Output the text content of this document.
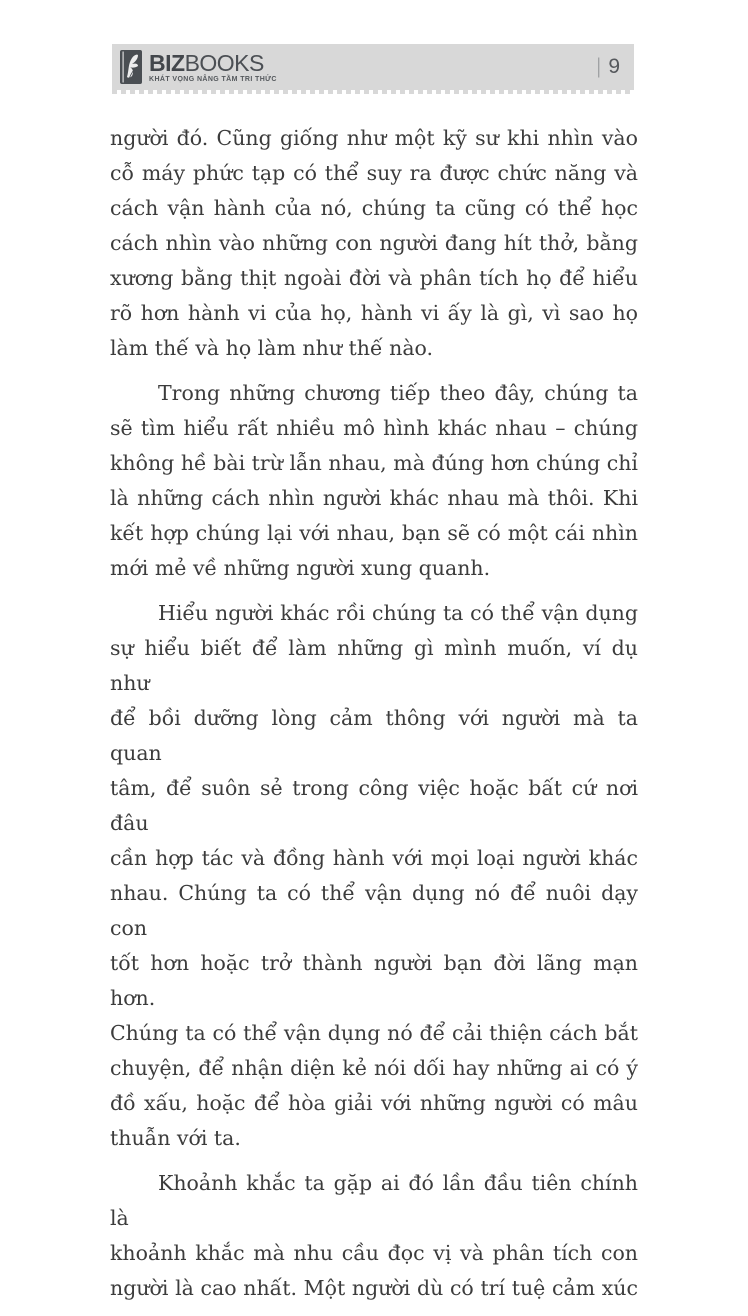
BIZBOOKS
KHÁT VỌNG NÂNG TẦM TRI THỨC
| 9

người đó. Cũng giống như một kỹ sư khi nhìn vào
cỗ máy phức tạp có thể suy ra được chức năng và
cách vận hành của nó, chúng ta cũng có thể học
cách nhìn vào những con người đang hít thở, bằng
xương bằng thịt ngoài đời và phân tích họ để hiểu
rõ hơn hành vi của họ, hành vi ấy là gì, vì sao họ
làm thế và họ làm như thế nào.

Trong những chương tiếp theo đây, chúng ta
sẽ tìm hiểu rất nhiều mô hình khác nhau – chúng
không hề bài trừ lẫn nhau, mà đúng hơn chúng chỉ
là những cách nhìn người khác nhau mà thôi. Khi
kết hợp chúng lại với nhau, bạn sẽ có một cái nhìn
mới mẻ về những người xung quanh.

Hiểu người khác rồi chúng ta có thể vận dụng
sự hiểu biết để làm những gì mình muốn, ví dụ như
để bồi dưỡng lòng cảm thông với người mà ta quan
tâm, để suôn sẻ trong công việc hoặc bất cứ nơi đâu
cần hợp tác và đồng hành với mọi loại người khác
nhau. Chúng ta có thể vận dụng nó để nuôi dạy con
tốt hơn hoặc trở thành người bạn đời lãng mạn hơn.
Chúng ta có thể vận dụng nó để cải thiện cách bắt
chuyện, để nhận diện kẻ nói dối hay những ai có ý
đồ xấu, hoặc để hòa giải với những người có mâu
thuẫn với ta.

Khoảnh khắc ta gặp ai đó lần đầu tiên chính là
khoảnh khắc mà nhu cầu đọc vị và phân tích con
người là cao nhất. Một người dù có trí tuệ cảm xúc
